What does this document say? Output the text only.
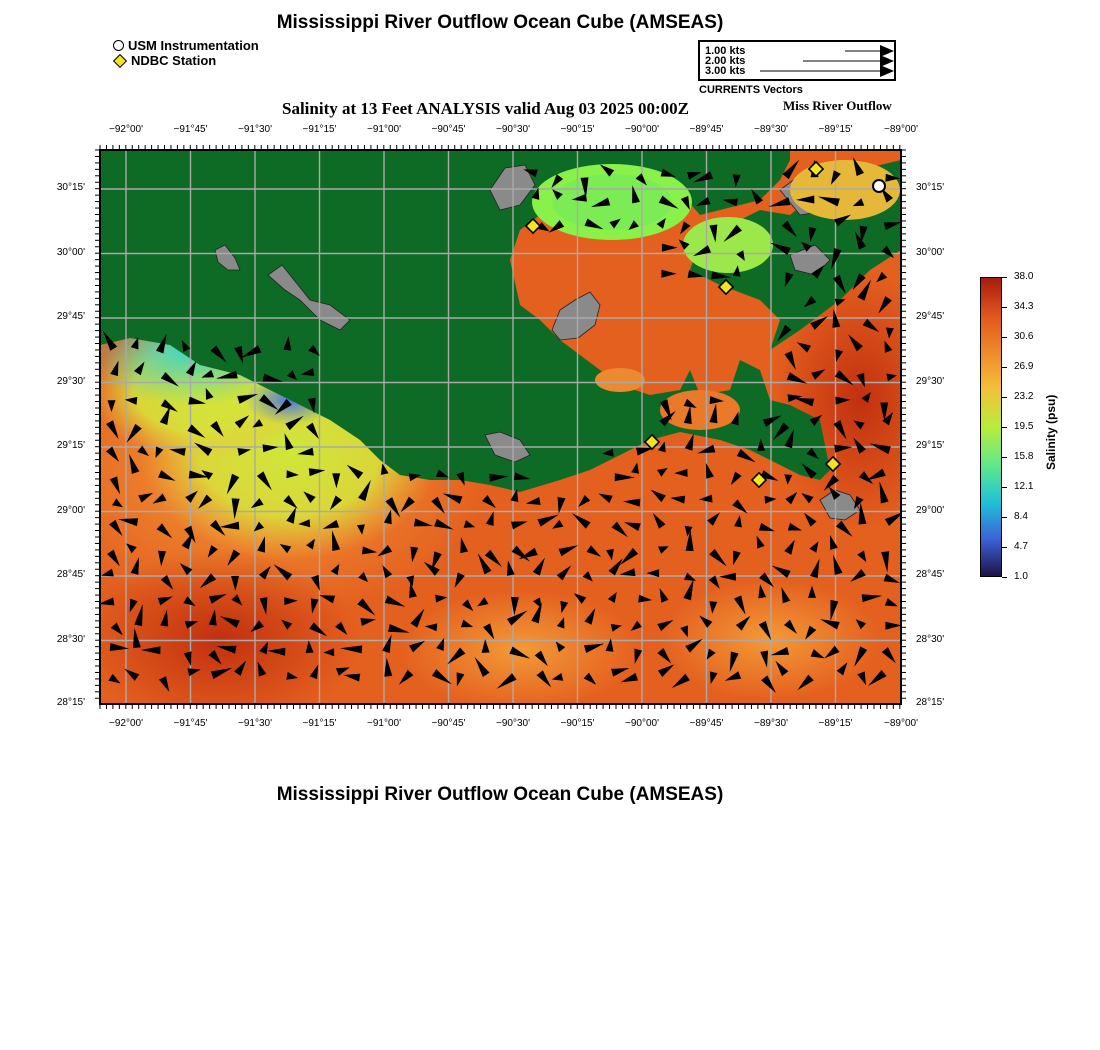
Mississippi River Outflow Ocean Cube (AMSEAS)
USM Instrumentation
NDBC Station
1.00 kts
2.00 kts
3.00 kts
CURRENTS Vectors
Salinity at 13 Feet ANALYSIS valid Aug 03 2025 00:00Z	Miss River Outflow
Salinity (psu)
Mississippi River Outflow Ocean Cube (AMSEAS)
−92°00'
−92°00'
−91°45'
−91°45'
−91°30'
−91°30'
−91°15'
−91°15'
−91°00'
−91°00'
−90°45'
−90°45'
−90°30'
−90°30'
−90°15'
−90°15'
−90°00'
−90°00'
−89°45'
−89°45'
−89°30'
−89°30'
−89°15'
−89°15'
−89°00'
−89°00'
30°15'	30°15'
30°00'	30°00'
29°45'	29°45'
29°30'	29°30'
29°15'	29°15'
29°00'	29°00'
28°45'	28°45'
28°30'	28°30'
28°15'	28°15'
38.0
34.3
30.6
26.9
23.2
19.5
15.8
12.1
8.4
4.7
1.0
